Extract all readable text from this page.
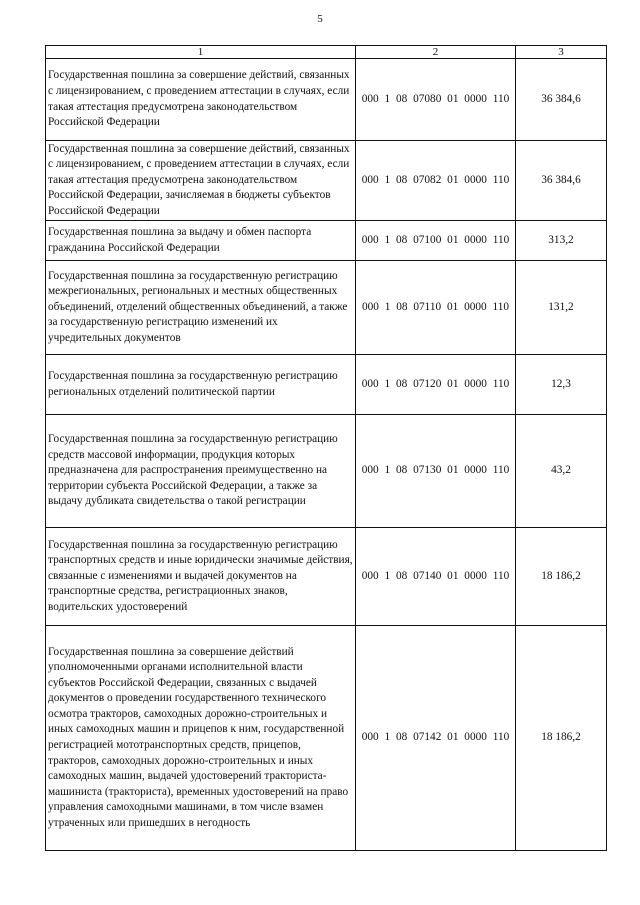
5
1	2	3
Государственная пошлина за совершение действий, связанных с лицензированием, с проведением аттестации в случаях, если такая аттестация предусмотрена законодательством Российской Федерации	000 1 08 07080 01 0000 110	36 384,6
Государственная пошлина за совершение действий, связанных с лицензированием, с проведением аттестации в случаях, если такая аттестация предусмотрена законодательством Российской Федерации, зачисляемая в бюджеты субъектов Российской Федерации	000 1 08 07082 01 0000 110	36 384,6
Государственная пошлина за выдачу и обмен паспорта гражданина Российской Федерации	000 1 08 07100 01 0000 110	313,2
Государственная пошлина за государственную регистрацию межрегиональных, региональных и местных общественных объединений, отделений общественных объединений, а также за государственную регистрацию изменений их учредительных документов	000 1 08 07110 01 0000 110	131,2
Государственная пошлина за государственную регистрацию региональных отделений политической партии	000 1 08 07120 01 0000 110	12,3
Государственная пошлина за государственную регистрацию средств массовой информации, продукция которых предназначена для распространения преимущественно на территории субъекта Российской Федерации, а также за выдачу дубликата свидетельства о такой регистрации	000 1 08 07130 01 0000 110	43,2
Государственная пошлина за государственную регистрацию транспортных средств и иные юридически значимые действия, связанные с изменениями и выдачей документов на транспортные средства, регистрационных знаков, водительских удостоверений	000 1 08 07140 01 0000 110	18 186,2
Государственная пошлина за совершение действий уполномоченными органами исполнительной власти субъектов Российской Федерации, связанных с выдачей документов о проведении государственного технического осмотра тракторов, самоходных дорожно-строительных и иных самоходных машин и прицепов к ним, государственной регистрацией мототранспортных средств, прицепов, тракторов, самоходных дорожно-строительных и иных самоходных машин, выдачей удостоверений тракториста-машиниста (тракториста), временных удостоверений на право управления самоходными машинами, в том числе взамен утраченных или пришедших в негодность	000 1 08 07142 01 0000 110	18 186,2
